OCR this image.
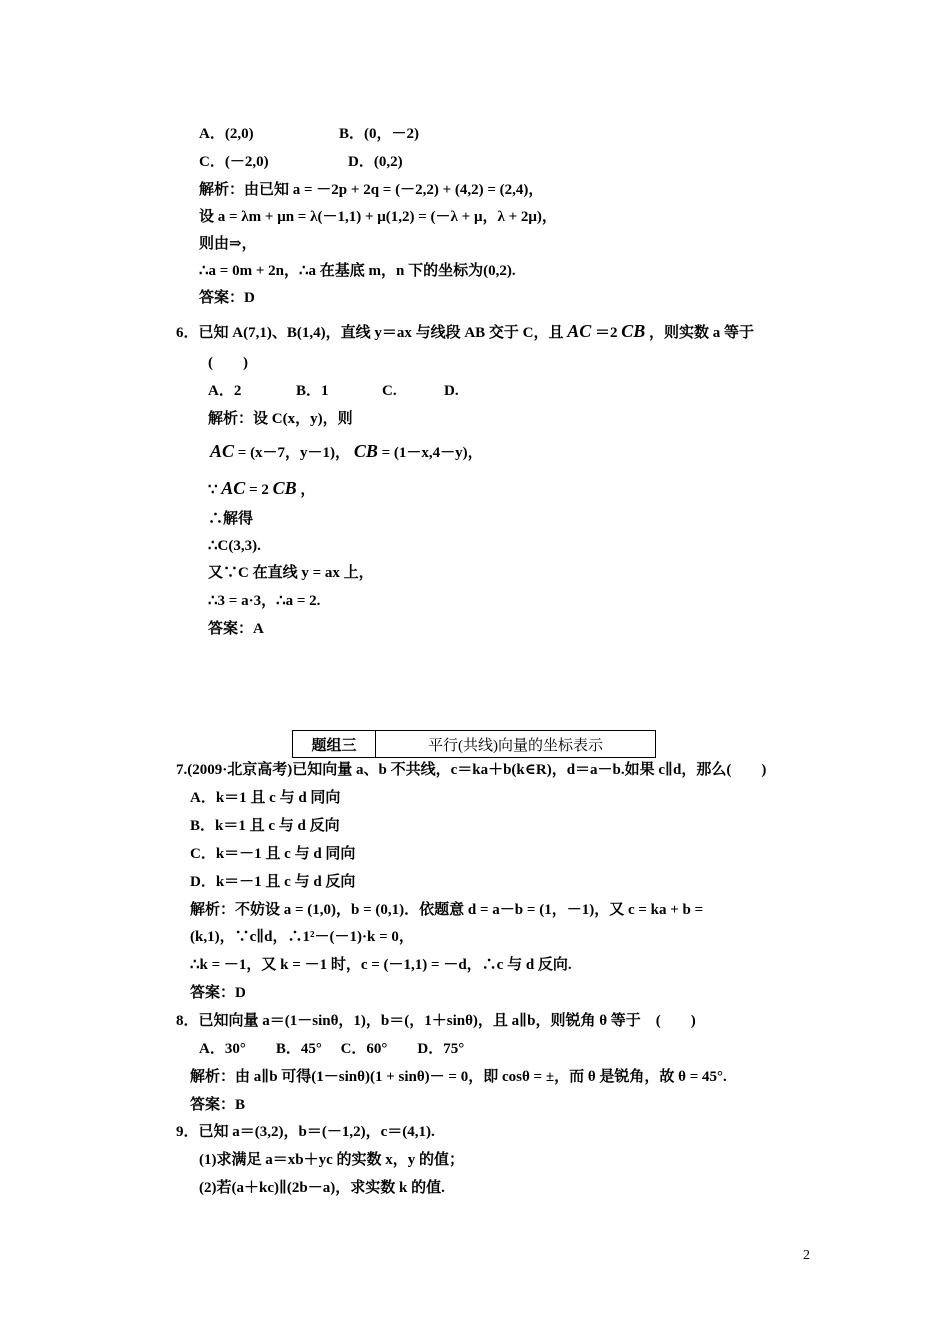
A．(2,0)	B．(0，－2)
C．(－2,0)	D．(0,2)
解析：由已知 a = －2p + 2q = (－2,2) + (4,2) = (2,4)，
设 a = λm + μn = λ(－1,1) + μ(1,2) = (－λ + μ，λ + 2μ)，
则由⇒，
∴a = 0m + 2n，∴a 在基底 m，n 下的坐标为(0,2).
答案：D
6．已知 A(7,1)、B(1,4)，直线 y＝ax 与线段 AB 交于 C，且 AC ＝2 CB ，则实数 a 等于
(　　)
A．2	B．1	C.	D.
解析：设 C(x，y)，则
AC = (x－7，y－1)， CB = (1－x,4－y)，
∵ AC = 2 CB ，
∴解得
∴C(3,3).
又∵C 在直线 y = ax 上，
∴3 = a·3，∴a = 2.
答案：A
题组三	平行(共线)向量的坐标表示
7.(2009·北京高考)已知向量 a、b 不共线，c＝ka＋b(k∈R)，d＝a－b.如果 c∥d，那么(　　)
A．k＝1 且 c 与 d 同向
B．k＝1 且 c 与 d 反向
C．k＝－1 且 c 与 d 同向
D．k＝－1 且 c 与 d 反向
解析：不妨设 a = (1,0)，b = (0,1)．依题意 d = a－b = (1，－1)，又 c = ka + b =
(k,1)，∵c∥d，∴1²－(－1)·k = 0，
∴k = －1，又 k = －1 时，c = (－1,1) = －d，∴c 与 d 反向.
答案：D
8．已知向量 a＝(1－sinθ，1)，b＝(，1＋sinθ)，且 a∥b，则锐角 θ 等于　(　　)
A．30°　　B．45°　 C．60°　　D．75°
解析：由 a∥b 可得(1－sinθ)(1 + sinθ)－ = 0，即 cosθ = ±，而 θ 是锐角，故 θ = 45°.
答案：B
9．已知 a＝(3,2)，b＝(－1,2)，c＝(4,1).
(1)求满足 a＝xb＋yc 的实数 x，y 的值；
(2)若(a＋kc)∥(2b－a)，求实数 k 的值.
2
